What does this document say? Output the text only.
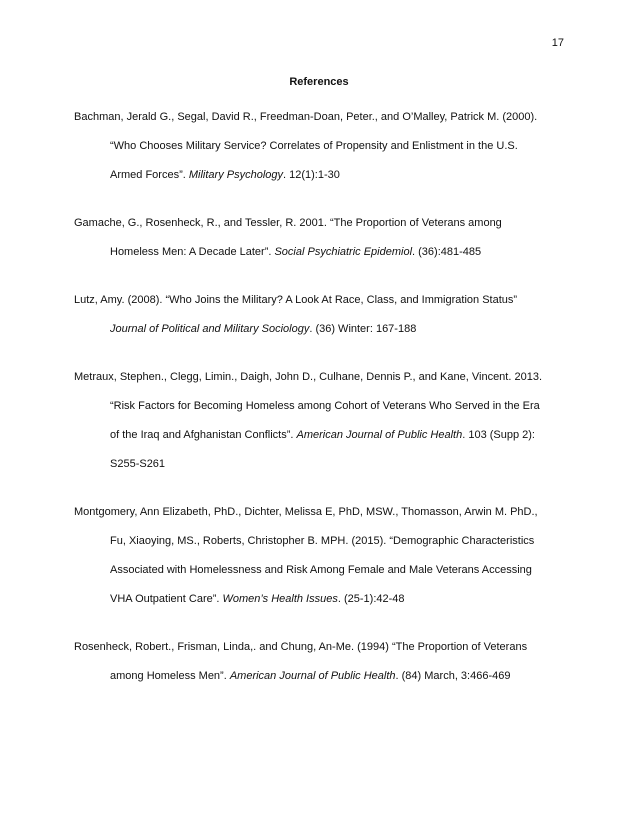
17
References
Bachman, Jerald G., Segal, David R., Freedman-Doan, Peter., and O’Malley, Patrick M. (2000).
“Who Chooses Military Service? Correlates of Propensity and Enlistment in the U.S.
Armed Forces”. Military Psychology. 12(1):1-30
Gamache, G., Rosenheck, R., and Tessler, R. 2001. “The Proportion of Veterans among
Homeless Men: A Decade Later”. Social Psychiatric Epidemiol. (36):481-485
Lutz, Amy. (2008). “Who Joins the Military? A Look At Race, Class, and Immigration Status”
Journal of Political and Military Sociology. (36) Winter: 167-188
Metraux, Stephen., Clegg, Limin., Daigh, John D., Culhane, Dennis P., and Kane, Vincent. 2013.
“Risk Factors for Becoming Homeless among Cohort of Veterans Who Served in the Era
of the Iraq and Afghanistan Conflicts”. American Journal of Public Health. 103 (Supp 2):
S255-S261
Montgomery, Ann Elizabeth, PhD., Dichter, Melissa E, PhD, MSW., Thomasson, Arwin M. PhD.,
Fu, Xiaoying, MS., Roberts, Christopher B. MPH. (2015). “Demographic Characteristics
Associated with Homelessness and Risk Among Female and Male Veterans Accessing
VHA Outpatient Care”. Women’s Health Issues. (25-1):42-48
Rosenheck, Robert., Frisman, Linda,. and Chung, An-Me. (1994) “The Proportion of Veterans
among Homeless Men”. American Journal of Public Health. (84) March, 3:466-469
